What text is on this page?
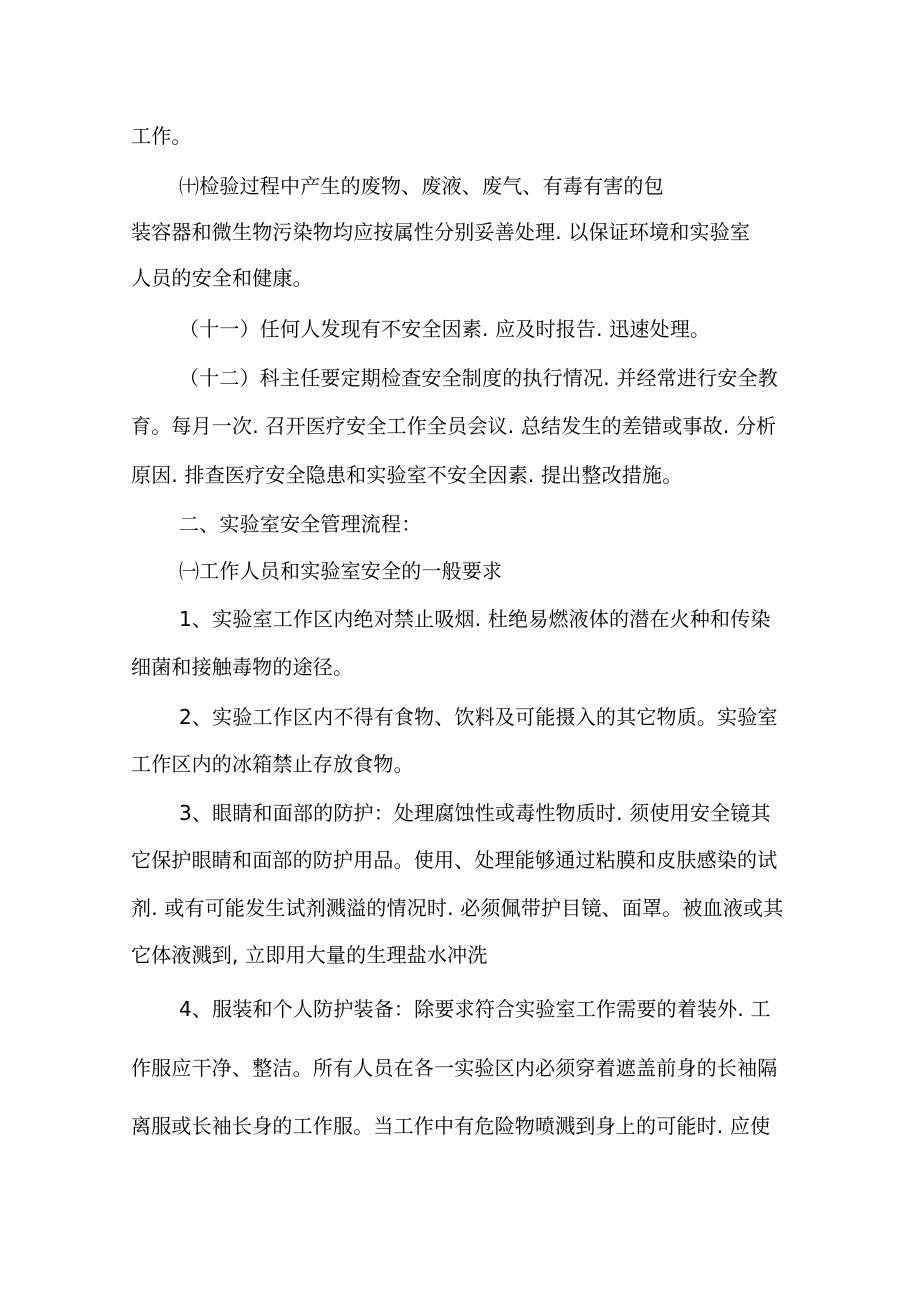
工作。
㈩检验过程中产生的废物、废液、废气、有毒有害的包
装容器和微生物污染物均应按属性分别妥善处理. 以保证环境和实验室
人员的安全和健康。
（十一）任何人发现有不安全因素. 应及时报告. 迅速处理。
（十二）科主任要定期检查安全制度的执行情况. 并经常进行安全教
育。每月一次. 召开医疗安全工作全员会议. 总结发生的差错或事故. 分析
原因. 排查医疗安全隐患和实验室不安全因素. 提出整改措施。
二、实验室安全管理流程：
㈠工作人员和实验室安全的一般要求
1、实验室工作区内绝对禁止吸烟. 杜绝易燃液体的潜在火种和传染
细菌和接触毒物的途径。
2、实验工作区内不得有食物、饮料及可能摄入的其它物质。实验室
工作区内的冰箱禁止存放食物。
3、眼睛和面部的防护：处理腐蚀性或毒性物质时. 须使用安全镜其
它保护眼睛和面部的防护用品。使用、处理能够通过粘膜和皮肤感染的试
剂. 或有可能发生试剂溅溢的情况时. 必须佩带护目镜、面罩。被血液或其
它体液溅到, 立即用大量的生理盐水冲洗
4、服装和个人防护装备：除要求符合实验室工作需要的着装外. 工
作服应干净、整洁。所有人员在各一实验区内必须穿着遮盖前身的长袖隔
离服或长袖长身的工作服。当工作中有危险物喷溅到身上的可能时. 应使
